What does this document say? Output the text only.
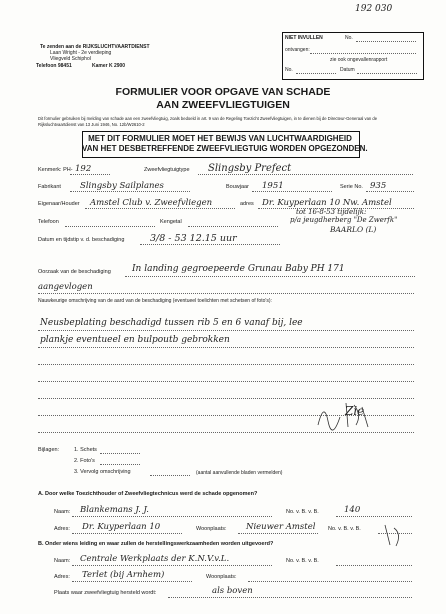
192 030
Te zenden aan de RIJKSLUCHTVAARTDIENST
Laan Wright - 2e verdieping
Vliegveld Schiphol
Telefoon 98451	Kamer K 2900
NIET INVULLEN	No.
ontvangen:
zie ook ongevallenrapport
No.	Datum
FORMULIER VOOR OPGAVE VAN SCHADE
AAN ZWEEFVLIEGTUIGEN
Dit formulier gebruiken bij melding van schade aan een zweefvliegtuig, zoals bedoeld in art. 9 van de Regeling Toezicht Zweefvliegtuigen, in te dienen bij de Directeur-Generaal van de Rijksluchtvaartdienst van 13 Juni 1946, No. 12b/W2610-2
MET DIT FORMULIER MOET HET BEWIJS VAN LUCHTWAARDIGHEID
VAN HET DESBETREFFENDE ZWEEFVLIEGTUIG WORDEN OPGEZONDEN.
Kenmerk: PH- 192	Zweefvliegtuigtype Slingsby Prefect
Fabrikant Slingsby Sailplanes	Bouwjaar 1951	Serie No. 935
Eigenaar/Houder Amstel Club v. Zweefvliegen	adres Dr. Kuyperlaan 10 Nw. Amstel
tot 16-8-53 tijdelijk:
p/a jeugdherberg "De Zwerfk"
BAARLO (L)
Telefoon	Kengetal
Datum en tijdstip v. d. beschadiging	3/8 - 53 12.15 uur
Oorzaak van de beschadiging In landing gegroepeerde Grunau Baby PH 171
aangevlogen
Nauwkeurige omschrijving van de aard van de beschadiging (eventueel toelichten met schetsen of foto's):
Neusbeplating beschadigd tussen rib 5 en 6 vanaf bij, lee
plankje eventueel en bulpoutb gebrokken
Zie
Bijlagen:	1. Schets
2. Foto's
3. Vervolg omschrijving	(aantal aanvullende bladen vermelden)
A. Door welke Toezichthouder of Zweefvliegtechnicus werd de schade opgenomen?
Naam: Blankemans J. J.	No. v. B. v. B.	140
Adres: Dr. Kuyperlaan 10	Woonplaats: Nieuwer Amstel No. v. B. v. B.
B. Onder wiens leiding en waar zullen de herstellingswerkzaamheden worden uitgevoerd?
Naam: Centrale Werkplaats der K.N.V.v.L.	No. v. B. v. B.
Adres: Terlet (bij Arnhem)	Woonplaats:
Plaats waar zweefvliegtuig hersteld wordt:	als boven
